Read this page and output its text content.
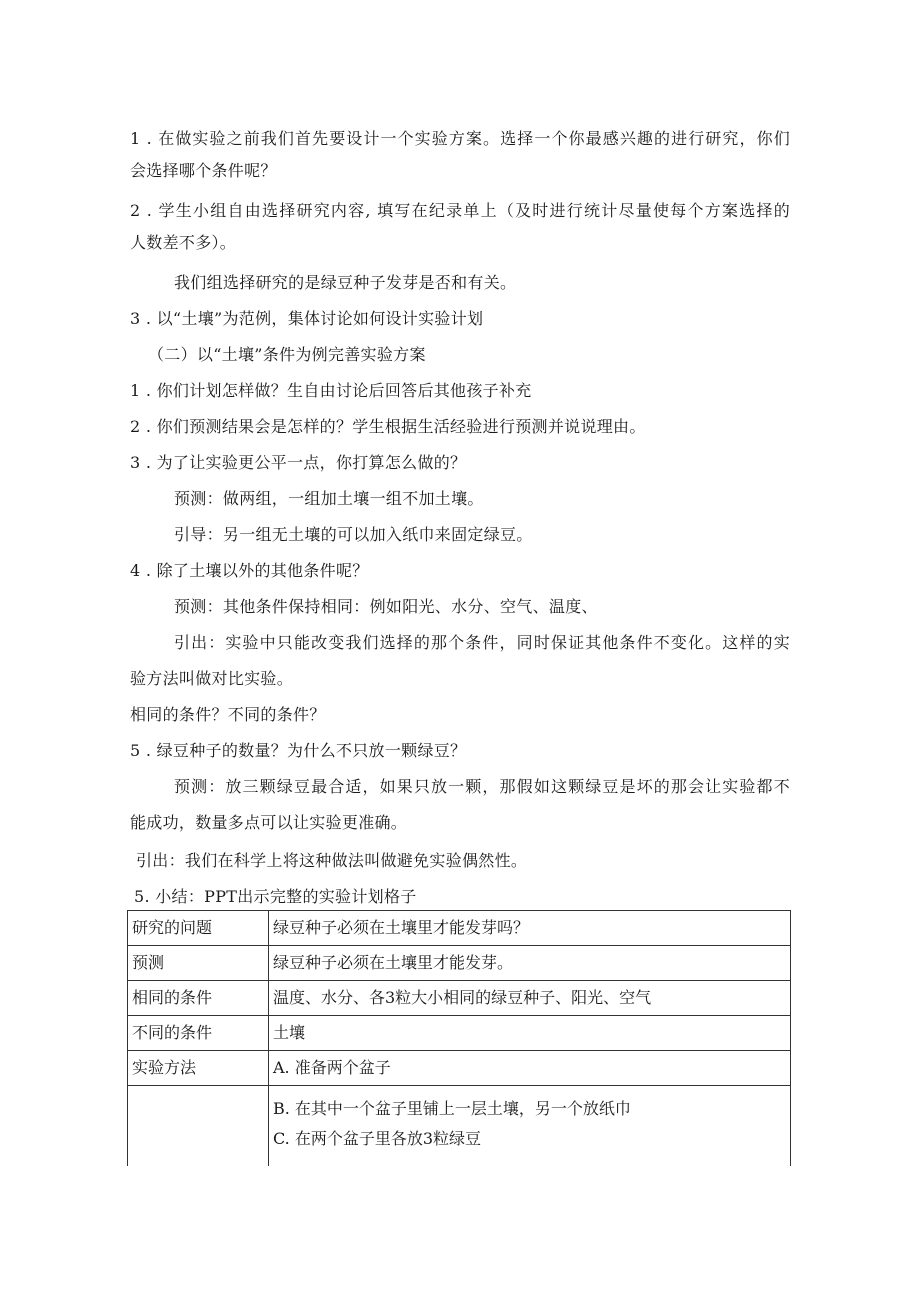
1 . 在做实验之前我们首先要设计一个实验方案。选择一个你最感兴趣的进行研究，你们
会选择哪个条件呢？
2 . 学生小组自由选择研究内容, 填写在纪录单上（及时进行统计尽量使每个方案选择的
人数差不多）。
我们组选择研究的是绿豆种子发芽是否和有关。
3 . 以“土壤”为范例，集体讨论如何设计实验计划
（二）以“土壤”条件为例完善实验方案
1 . 你们计划怎样做？生自由讨论后回答后其他孩子补充
2 . 你们预测结果会是怎样的？学生根据生活经验进行预测并说说理由。
3 . 为了让实验更公平一点，你打算怎么做的？
预测：做两组，一组加土壤一组不加土壤。
引导：另一组无土壤的可以加入纸巾来固定绿豆。
4 . 除了土壤以外的其他条件呢？
预测：其他条件保持相同：例如阳光、水分、空气、温度、
引出：实验中只能改变我们选择的那个条件，同时保证其他条件不变化。这样的实
验方法叫做对比实验。
相同的条件？不同的条件？
5 . 绿豆种子的数量？为什么不只放一颗绿豆？
预测：放三颗绿豆最合适，如果只放一颗，那假如这颗绿豆是坏的那会让实验都不
能成功，数量多点可以让实验更准确。
引出：我们在科学上将这种做法叫做避免实验偶然性。
5. 小结：PPT出示完整的实验计划格子
研究的问题	绿豆种子必须在土壤里才能发芽吗？
预测	绿豆种子必须在土壤里才能发芽。
相同的条件	温度、水分、各3粒大小相同的绿豆种子、阳光、空气
不同的条件	土壤
实验方法	A. 准备两个盆子

	B. 在其中一个盆子里铺上一层土壤，另一个放纸巾
C. 在两个盆子里各放3粒绿豆
